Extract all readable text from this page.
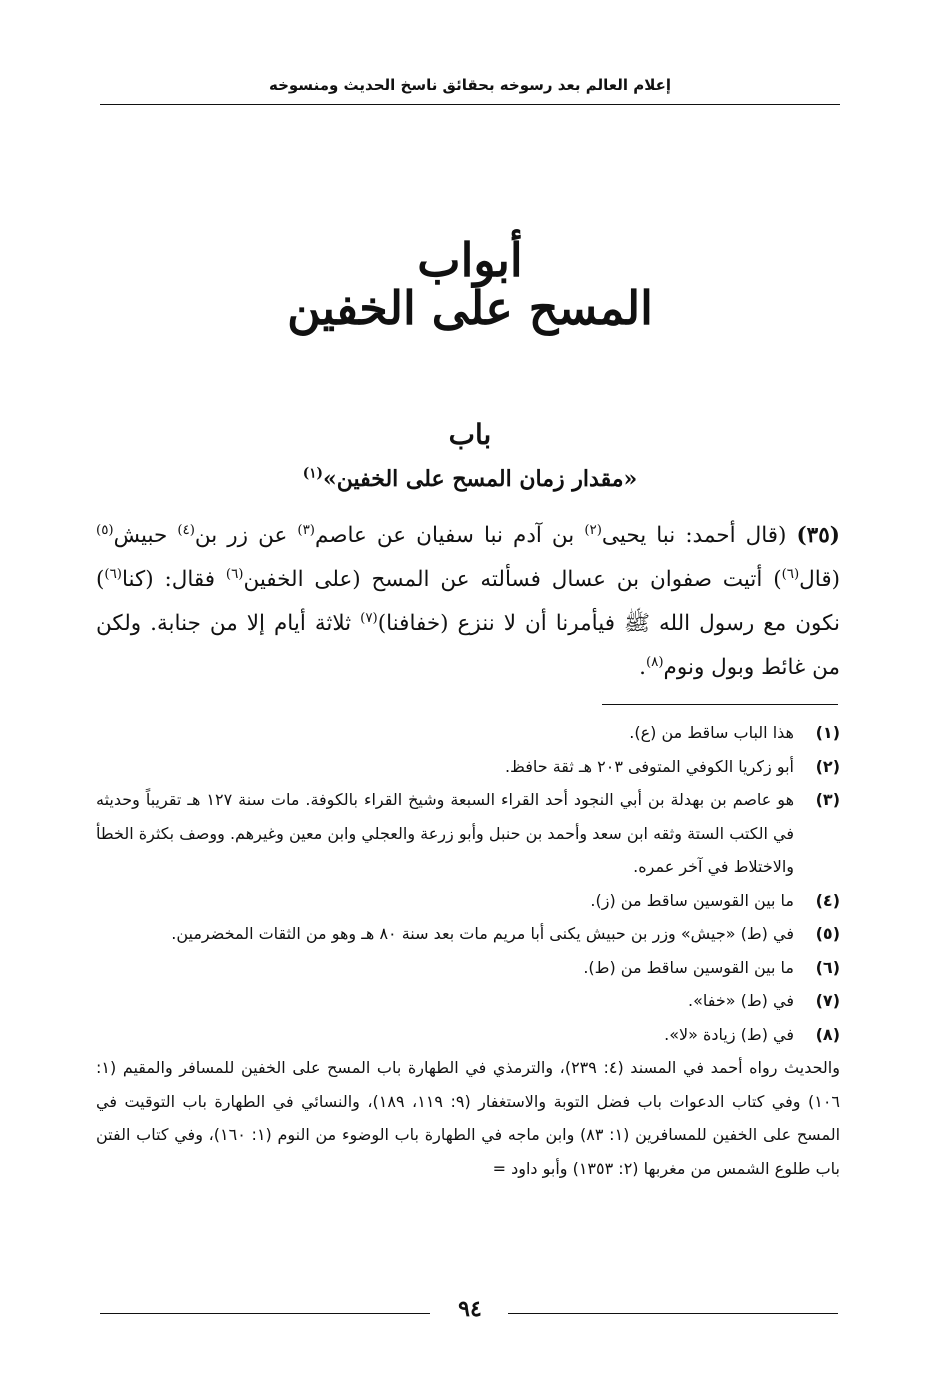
إعلام العالم بعد رسوخه بحقائق ناسخ الحديث ومنسوخه
أبواب
المسح على الخفين
باب
«مقدار زمان المسح على الخفين»$^{(١)}$
(٣٥) (قال أحمد: نبا يحيى$^{(٢)}$ بن آدم نبا سفيان عن عاصم$^{(٣)}$ عن زر بن$^{(٤)}$ حبيش$^{(٥)}$ (قال$^{(٦)}$) أتيت صفوان بن عسال فسألته عن المسح (على الخفين$^{(٦)}$ فقال: (كنا$^{(٦)}$) نكون مع رسول الله ﷺ فيأمرنا أن لا ننزع (خفافنا)$^{(٧)}$ ثلاثة أيام إلا من جنابة. ولكن من غائط وبول ونوم$^{(٨)}$.
(١)
هذا الباب ساقط من (ع).
(٢)
أبو زكريا الكوفي المتوفى ٢٠٣ هـ ثقة حافظ.
(٣)
هو عاصم بن بهدلة بن أبي النجود أحد القراء السبعة وشيخ القراء بالكوفة. مات سنة ١٢٧ هـ تقريباً وحديثه في الكتب الستة وثقه ابن سعد وأحمد بن حنبل وأبو زرعة والعجلي وابن معين وغيرهم. ووصف بكثرة الخطأ والاختلاط في آخر عمره.
(٤)
ما بين القوسين ساقط من (ز).
(٥)
في (ط) «جيش» وزر بن حبيش يكنى أبا مريم مات بعد سنة ٨٠ هـ وهو من الثقات المخضرمين.
(٦)
ما بين القوسين ساقط من (ط).
(٧)
في (ط) «خفا».
(٨)
في (ط) زيادة «لا».
والحديث رواه أحمد في المسند (٤: ٢٣٩)، والترمذي في الطهارة باب المسح على الخفين للمسافر والمقيم (١: ١٠٦) وفي كتاب الدعوات باب فضل التوبة والاستغفار (٩: ١١٩، ١٨٩)، والنسائي في الطهارة باب التوقيت في المسح على الخفين للمسافرين (١: ٨٣) وابن ماجه في الطهارة باب الوضوء من النوم (١: ١٦٠)، وفي كتاب الفتن باب طلوع الشمس من مغربها (٢: ١٣٥٣) وأبو داود =
٩٤
